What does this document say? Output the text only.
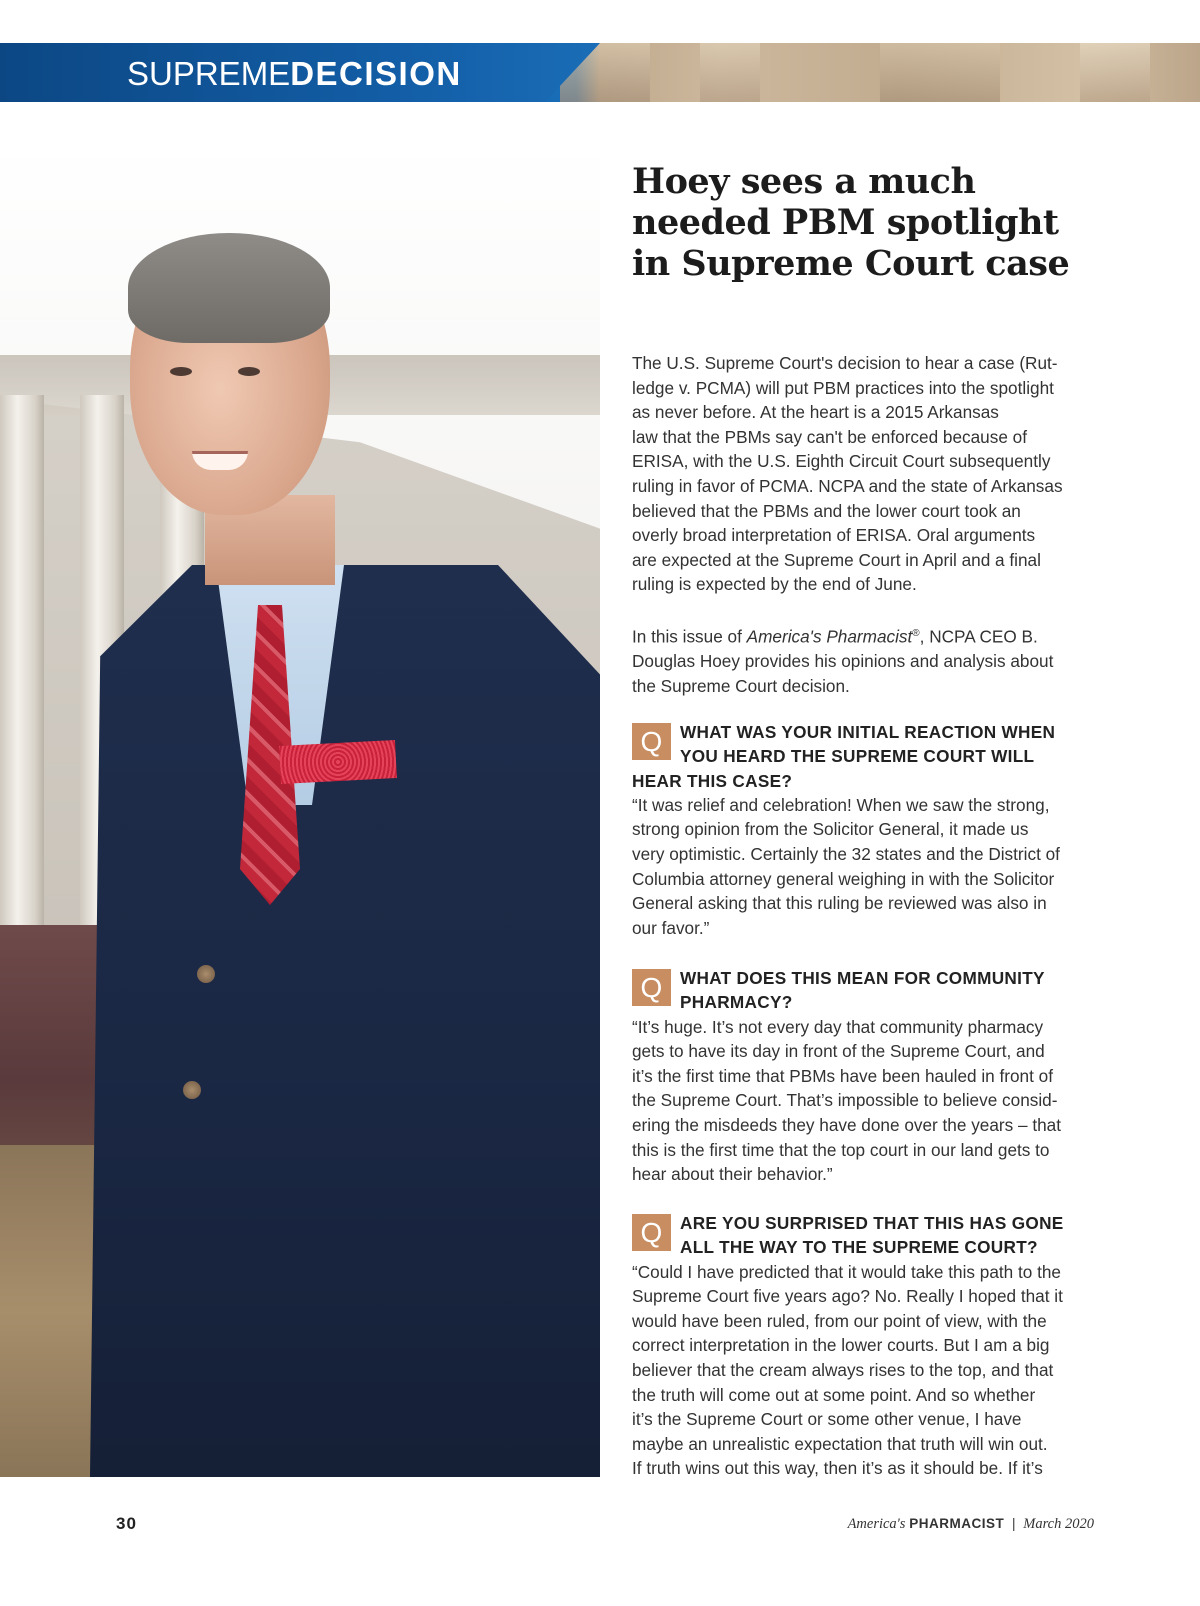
SUPREMEDECISION
Hoey sees a much
needed PBM spotlight
in Supreme Court case

The U.S. Supreme Court's decision to hear a case (Rut-
ledge v. PCMA) will put PBM practices into the spotlight
as never before. At the heart is a 2015 Arkansas
law that the PBMs say can't be enforced because of
ERISA, with the U.S. Eighth Circuit Court subsequently
ruling in favor of PCMA. NCPA and the state of Arkansas
believed that the PBMs and the lower court took an
overly broad interpretation of ERISA. Oral arguments
are expected at the Supreme Court in April and a final
ruling is expected by the end of June.

In this issue of America's Pharmacist®, NCPA CEO B.
Douglas Hoey provides his opinions and analysis about
the Supreme Court decision.

Q	WHAT WAS YOUR INITIAL REACTION WHEN
YOU HEARD THE SUPREME COURT WILL
HEAR THIS CASE?
“It was relief and celebration! When we saw the strong,
strong opinion from the Solicitor General, it made us
very optimistic. Certainly the 32 states and the District of
Columbia attorney general weighing in with the Solicitor
General asking that this ruling be reviewed was also in
our favor.”
Q	WHAT DOES THIS MEAN FOR COMMUNITY
PHARMACY?
“It’s huge. It’s not every day that community pharmacy
gets to have its day in front of the Supreme Court, and
it’s the first time that PBMs have been hauled in front of
the Supreme Court. That’s impossible to believe consid-
ering the misdeeds they have done over the years – that
this is the first time that the top court in our land gets to
hear about their behavior.”
Q	ARE YOU SURPRISED THAT THIS HAS GONE
ALL THE WAY TO THE SUPREME COURT?
“Could I have predicted that it would take this path to the
Supreme Court five years ago? No. Really I hoped that it
would have been ruled, from our point of view, with the
correct interpretation in the lower courts. But I am a big
believer that the cream always rises to the top, and that
the truth will come out at some point. And so whether
it’s the Supreme Court or some other venue, I have
maybe an unrealistic expectation that truth will win out.
If truth wins out this way, then it’s as it should be. If it’s
30	America's PHARMACIST | March 2020
